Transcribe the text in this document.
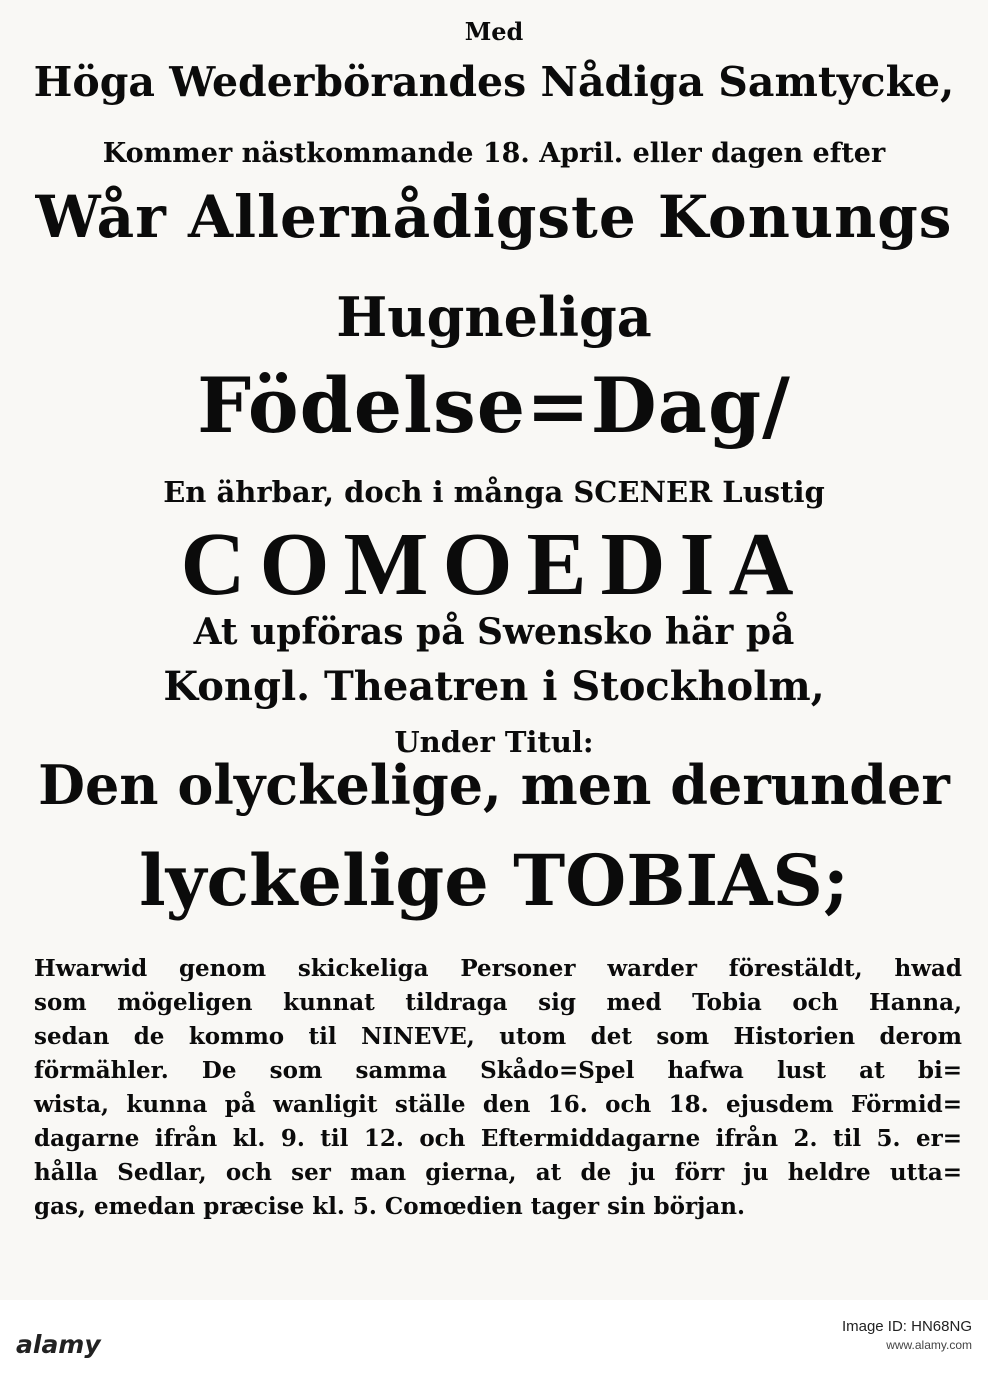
Med
Höga Wederbörandes Nådiga Samtycke,
Kommer nästkommande 18. April. eller dagen efter
Wår Allernådigste Konungs
Hugneliga
Födelse=Dag/
En ährbar, doch i många SCENER Lustig
COMOEDIA
At upföras på Swensko här på
Kongl. Theatren i Stockholm,
Under Titul:
Den olyckelige, men derunder
lyckelige TOBIAS;
Hwarwid genom skickeliga Personer warder förestäldt, hwad
som mögeligen kunnat tildraga sig med Tobia och Hanna,
sedan de kommo til NINEVE, utom det som Historien derom
förmähler. De som samma Skådo=Spel hafwa lust at bi=
wista, kunna på wanligit ställe den 16. och 18. ejusdem Förmid=
dagarne ifrån kl. 9. til 12. och Eftermiddagarne ifrån 2. til 5. er=
hålla Sedlar, och ser man gierna, at de ju förr ju heldre utta=
gas, emedan præcise kl. 5. Comœdien tager sin början.
alamy
Image ID: HN68NG
www.alamy.com
